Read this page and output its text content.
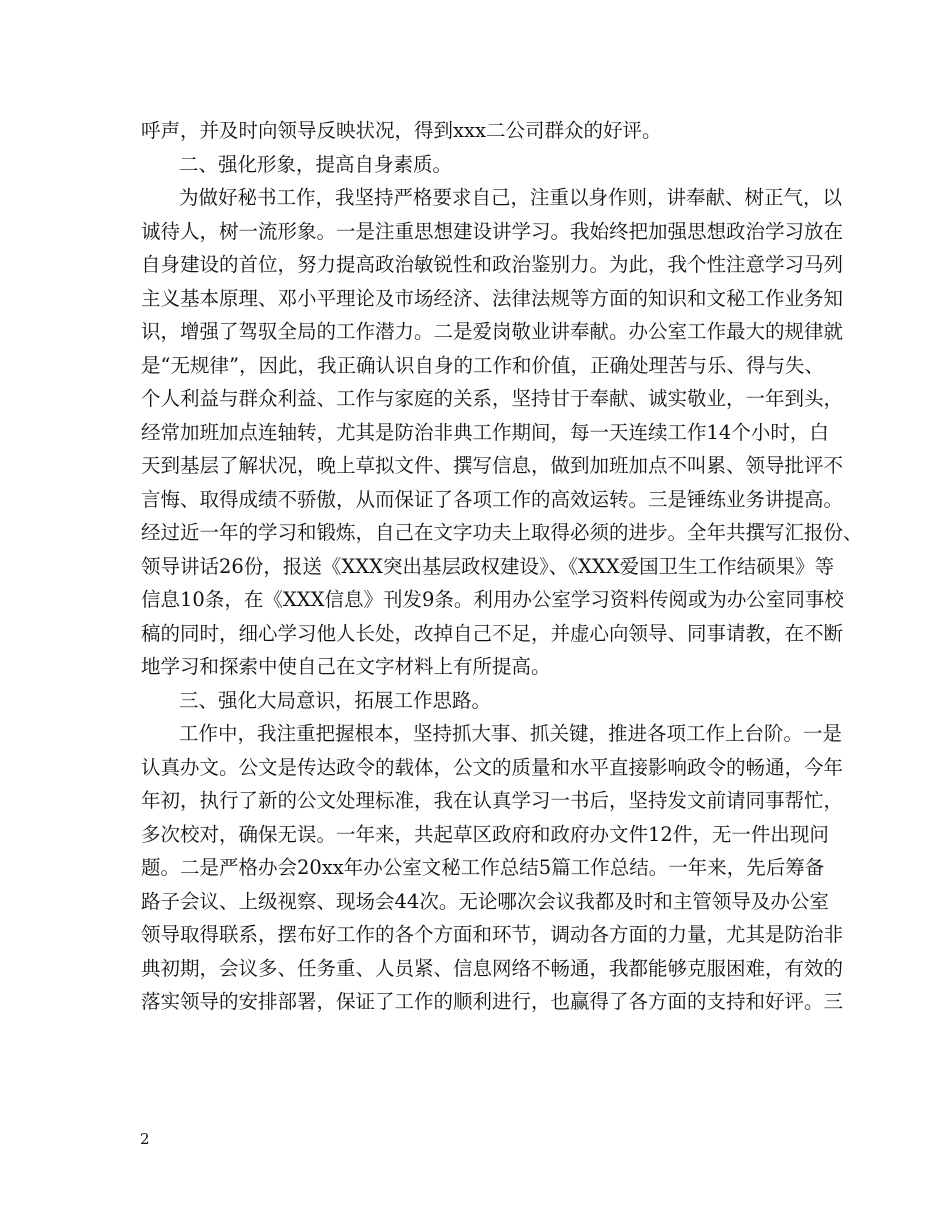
呼声，并及时向领导反映状况，得到xxx二公司群众的好评。
二、强化形象，提高自身素质。
为做好秘书工作，我坚持严格要求自己，注重以身作则，讲奉献、树正气，以
诚待人，树一流形象。一是注重思想建设讲学习。我始终把加强思想政治学习放在
自身建设的首位，努力提高政治敏锐性和政治鉴别力。为此，我个性注意学习马列
主义基本原理、邓小平理论及市场经济、法律法规等方面的知识和文秘工作业务知
识，增强了驾驭全局的工作潜力。二是爱岗敬业讲奉献。办公室工作最大的规律就
是“无规律”，因此，我正确认识自身的工作和价值，正确处理苦与乐、得与失、
个人利益与群众利益、工作与家庭的关系，坚持甘于奉献、诚实敬业，一年到头，
经常加班加点连轴转，尤其是防治非典工作期间，每一天连续工作14个小时，白
天到基层了解状况，晚上草拟文件、撰写信息，做到加班加点不叫累、领导批评不
言悔、取得成绩不骄傲，从而保证了各项工作的高效运转。三是锤练业务讲提高。
经过近一年的学习和锻炼，自己在文字功夫上取得必须的进步。全年共撰写汇报份、
领导讲话26份，报送《XXX突出基层政权建设》、《XXX爱国卫生工作结硕果》等
信息10条，在《XXX信息》刊发9条。利用办公室学习资料传阅或为办公室同事校
稿的同时，细心学习他人长处，改掉自己不足，并虚心向领导、同事请教，在不断
地学习和探索中使自己在文字材料上有所提高。
三、强化大局意识，拓展工作思路。
工作中，我注重把握根本，坚持抓大事、抓关键，推进各项工作上台阶。一是
认真办文。公文是传达政令的载体，公文的质量和水平直接影响政令的畅通，今年
年初，执行了新的公文处理标准，我在认真学习一书后，坚持发文前请同事帮忙，
多次校对，确保无误。一年来，共起草区政府和政府办文件12件，无一件出现问
题。二是严格办会20xx年办公室文秘工作总结5篇工作总结。一年来，先后筹备
路子会议、上级视察、现场会44次。无论哪次会议我都及时和主管领导及办公室
领导取得联系，摆布好工作的各个方面和环节，调动各方面的力量，尤其是防治非
典初期，会议多、任务重、人员紧、信息网络不畅通，我都能够克服困难，有效的
落实领导的安排部署，保证了工作的顺利进行，也赢得了各方面的支持和好评。三
2
